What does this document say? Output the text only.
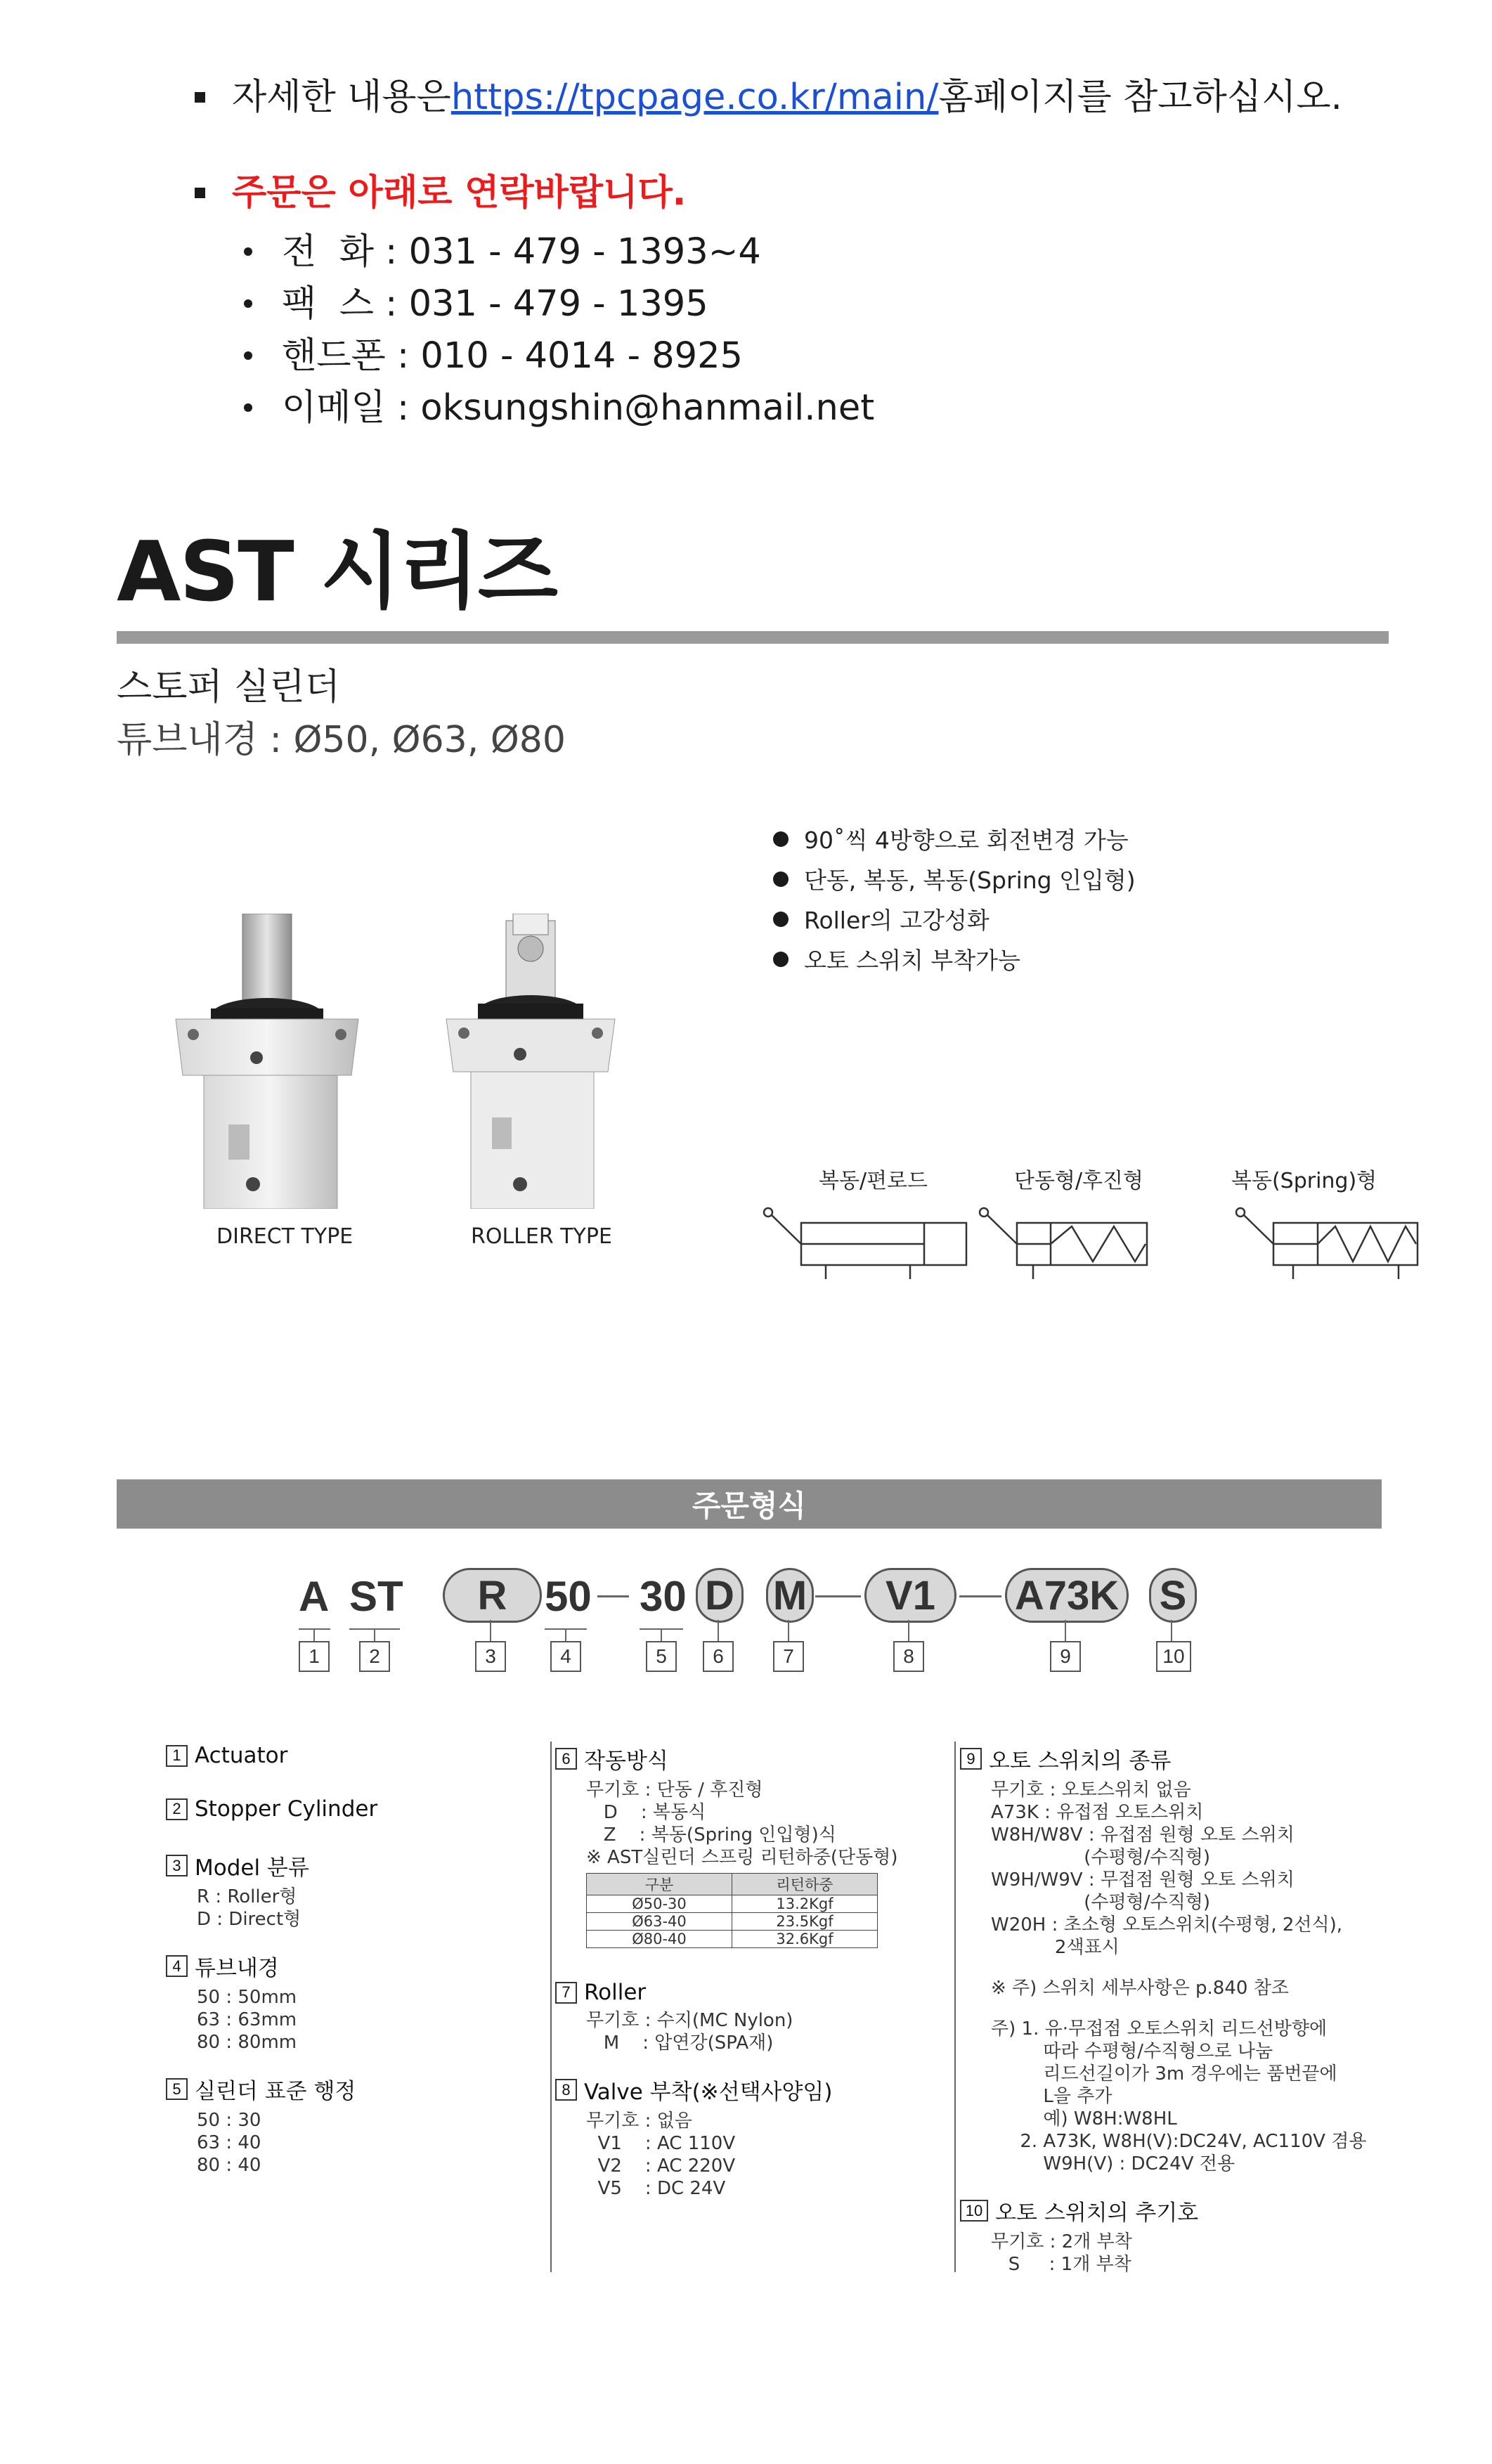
자세한 내용은 https://tpcpage.co.kr/main/ 홈페이지를 참고하십시오.
주문은 아래로 연락바랍니다.
전  화 : 031 - 479 - 1393~4
팩  스 : 031 - 479 - 1395
핸드폰 : 010 - 4014 - 8925
이메일 : oksungshin@hanmail.net
AST 시리즈
스토퍼 실린더
튜브내경 : Ø50, Ø63, Ø80
90˚씩 4방향으로 회전변경 가능
단동, 복동, 복동(Spring 인입형)
Roller의 고강성화
오토 스위치 부착가능
DIRECT TYPE	ROLLER TYPE
복동/편로드	단동형/후진형	복동(Spring)형
주문형식
A ST	R 50 30 D M	V1	A73K S
1	2	3	4	5	6	7	8	9	10
1 Actuator
2 Stopper Cylinder
3 Model 분류
R : Roller형
D : Direct형
4 튜브내경
50 : 50mm
63 : 63mm
80 : 80mm
5 실린더 표준 행정
50 : 30
63 : 40
80 : 40
6 작동방식
무기호 : 단동 / 후진형
D    : 복동식
Z    : 복동(Spring 인입형)식
※ AST실린더 스프링 리턴하중(단동형)
구분	리턴하중
Ø50-30	13.2Kgf
Ø63-40	23.5Kgf
Ø80-40	32.6Kgf
7 Roller
무기호 : 수지(MC Nylon)
M    : 압연강(SPA재)
8 Valve 부착(※선택사양임)
무기호 : 없음
V1    : AC 110V
V2    : AC 220V
V5    : DC 24V
9 오토 스위치의 종류
무기호 : 오토스위치 없음
A73K : 유접점 오토스위치
W8H/W8V : 유접점 원형 오토 스위치
(수평형/수직형)
W9H/W9V : 무접점 원형 오토 스위치
(수평형/수직형)
W20H : 초소형 오토스위치(수평형, 2선식),
2색표시
※ 주) 스위치 세부사항은 p.840 참조
주) 1. 유·무접점 오토스위치 리드선방향에
따라 수평형/수직형으로 나눔
리드선길이가 3m 경우에는 품번끝에
L을 추가
예) W8H:W8HL
2. A73K, W8H(V):DC24V, AC110V 겸용
W9H(V) : DC24V 전용
10 오토 스위치의 추기호
무기호 : 2개 부착
S     : 1개 부착
